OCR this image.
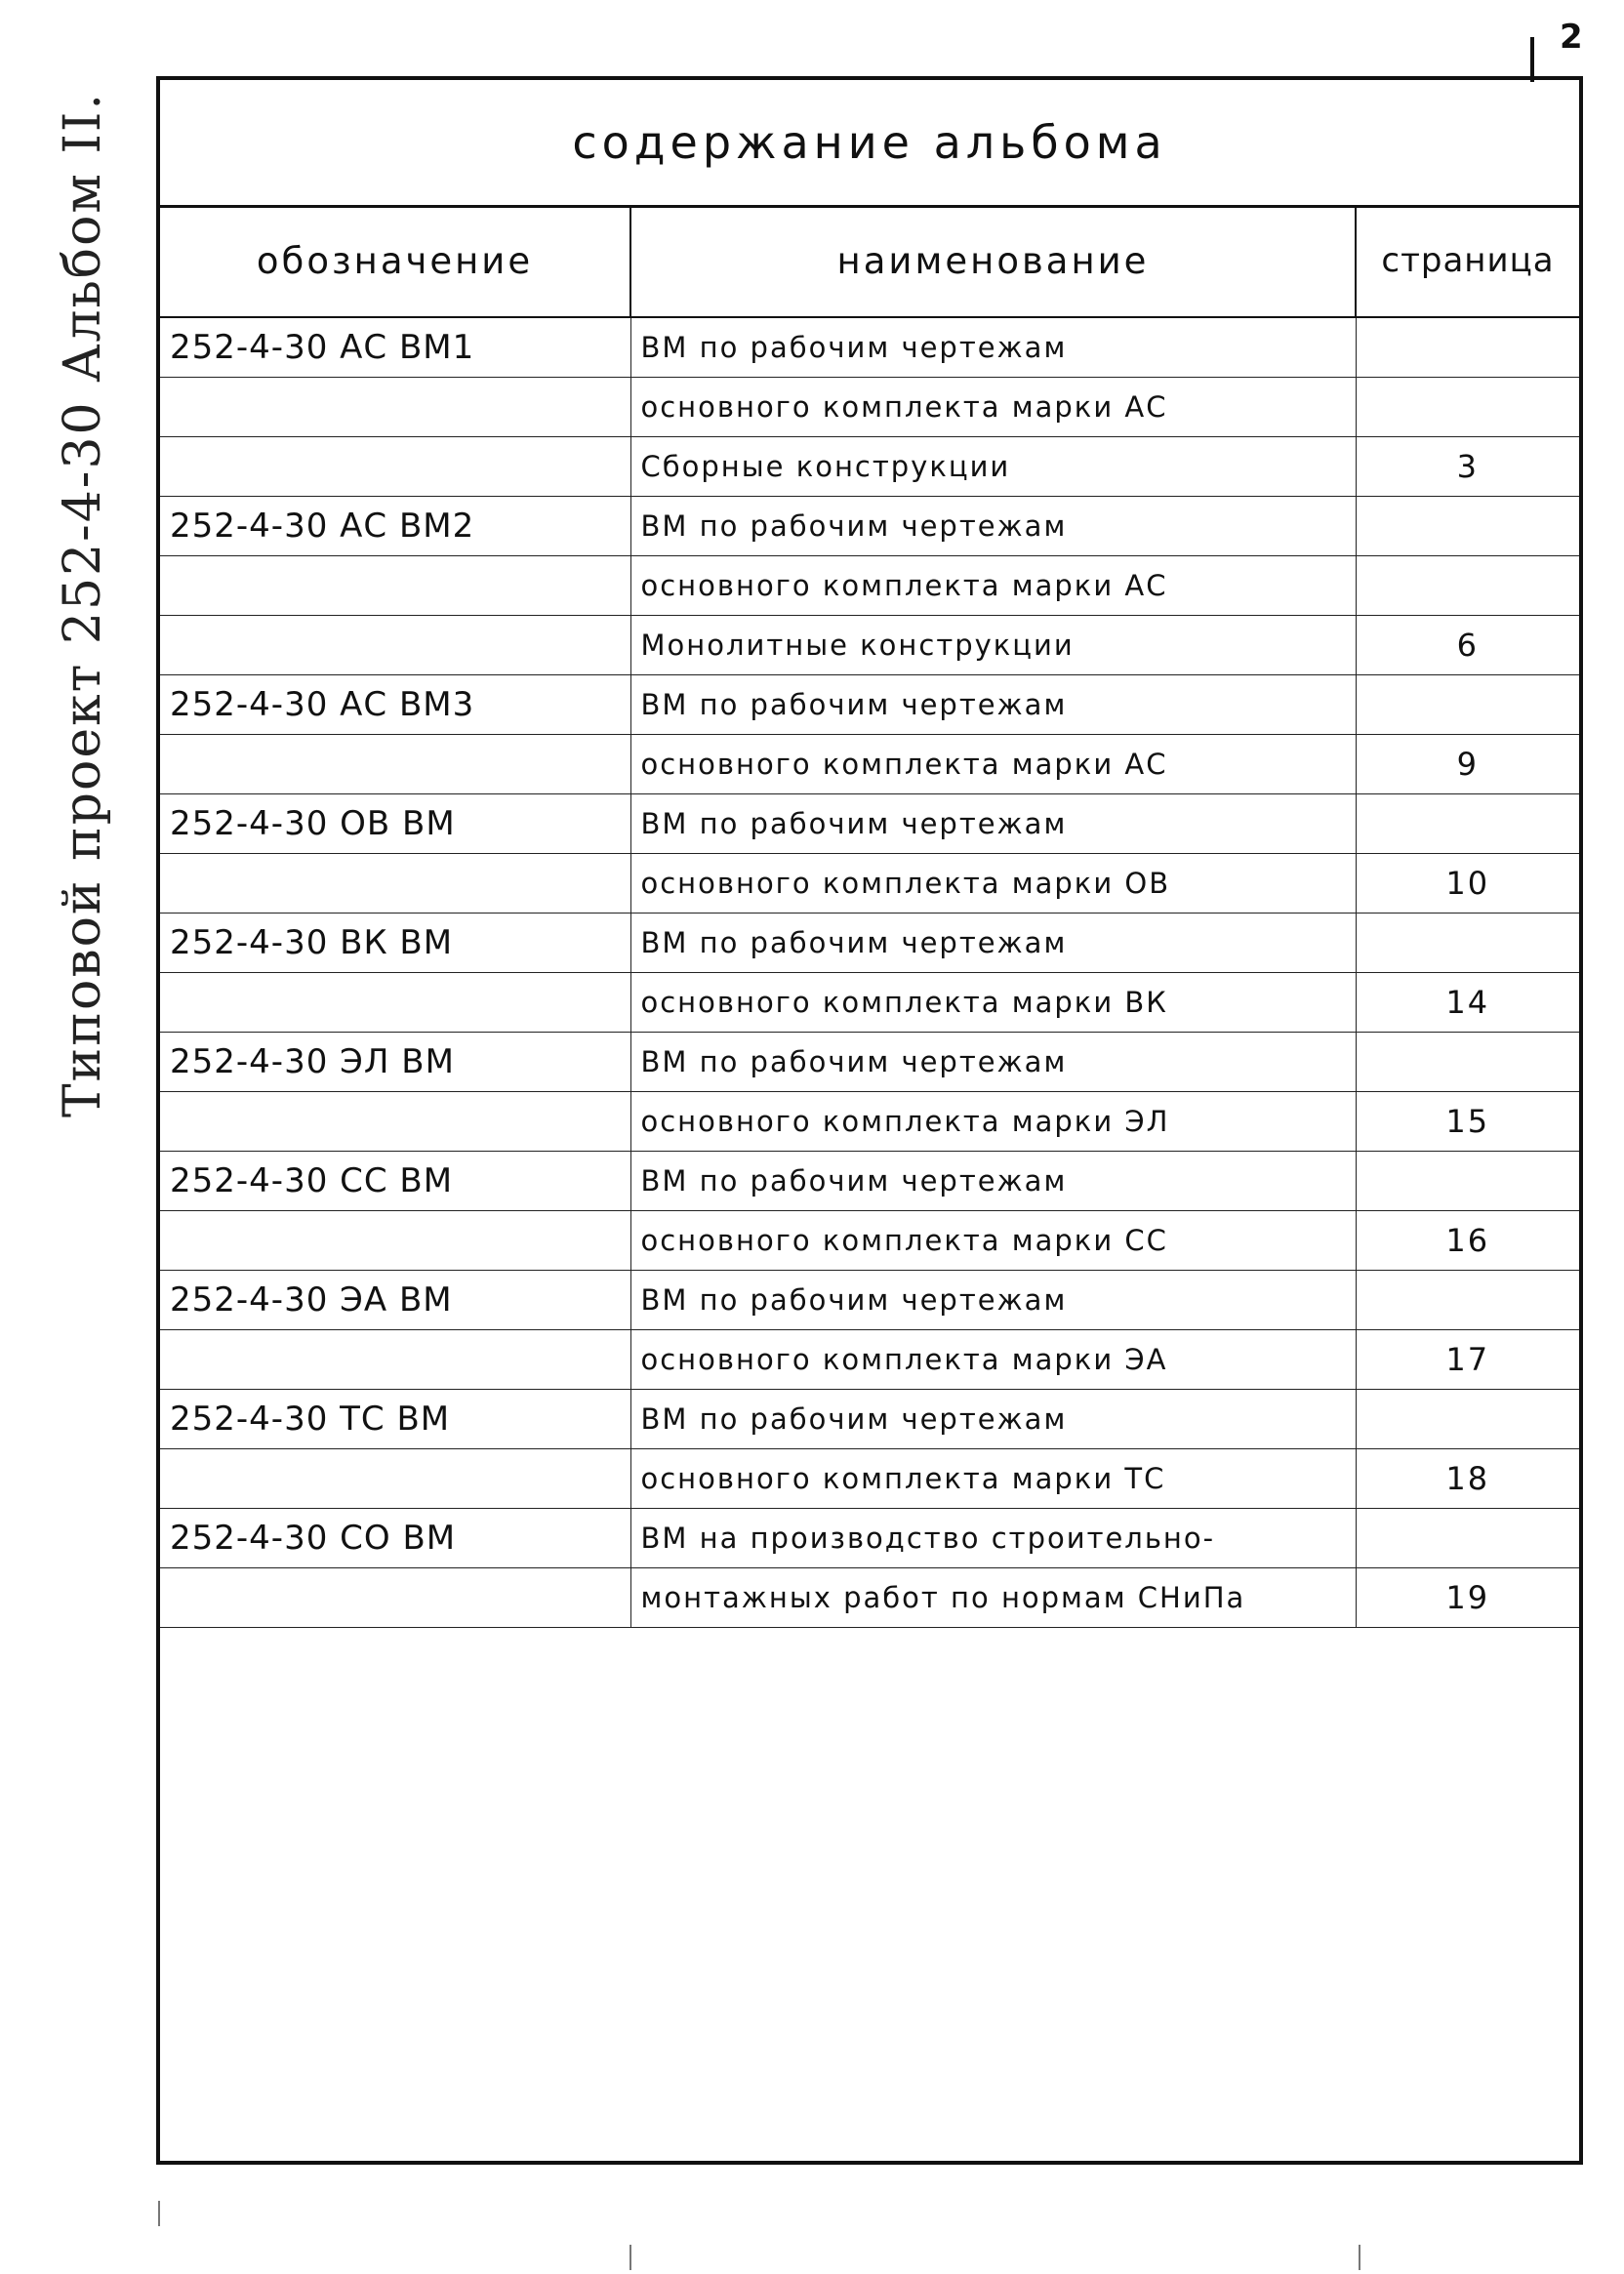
2
Типовой проект 252-4-30 Альбом II.	содержание альбома
обозначение	наименование	страница
252-4-30 АС ВМ1	ВМ по рабочим чертежам	
	основного комплекта марки АС	
	Сборные конструкции	3
252-4-30 АС ВМ2	ВМ по рабочим чертежам	
	основного комплекта марки АС	
	Монолитные конструкции	6
252-4-30 АС ВМ3	ВМ по рабочим чертежам	
	основного комплекта марки АС	9
252-4-30 ОВ ВМ	ВМ по рабочим чертежам	
	основного комплекта марки ОВ	10
252-4-30 ВК ВМ	ВМ по рабочим чертежам	
	основного комплекта марки ВК	14
252-4-30 ЭЛ ВМ	ВМ по рабочим чертежам	
	основного комплекта марки ЭЛ	15
252-4-30 СС ВМ	ВМ по рабочим чертежам	
	основного комплекта марки СС	16
252-4-30 ЭА ВМ	ВМ по рабочим чертежам	
	основного комплекта марки ЭА	17
252-4-30 ТС ВМ	ВМ по рабочим чертежам	
	основного комплекта марки ТС	18
252-4-30 СО ВМ	ВМ на производство строительно-	
	монтажных работ по нормам СНиПа	19
